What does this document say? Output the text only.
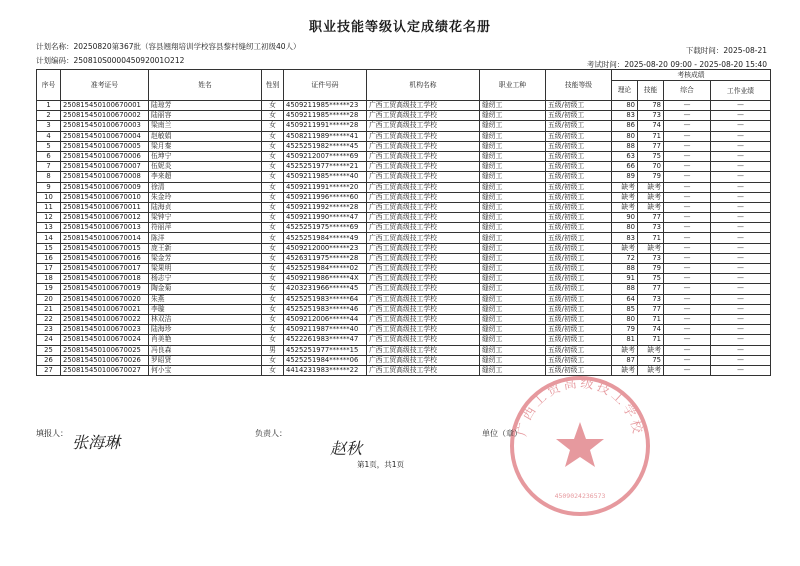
职业技能等级认定成绩花名册
计划名称：20250820第367批（容县翘翔培训学校容县黎村缝纫工初级40人）	下载时间：2025-08-21
计划编码：250810S000045092001O212	考试时间：2025-08-20 09:00 - 2025-08-20 15:40
序号	准考证号	姓名	性别	证件号码	机构名称	职业工种	技能等级	考核成绩			
								理论	技能	综合	工作业绩
1	250815450100670001	陆琼芳	女	4509211985******23	广西工贸高级技工学校	缝纫工	五级/初级工	80	78	—	—
2	250815450100670002	陆丽容	女	4509211985******28	广西工贸高级技工学校	缝纫工	五级/初级工	83	73	—	—
3	250815450100670003	梁南兰	女	4509211991******28	广西工贸高级技工学校	缝纫工	五级/初级工	86	74	—	—
4	250815450100670004	赵敏娟	女	4508211989******41	广西工贸高级技工学校	缝纫工	五级/初级工	80	71	—	—
5	250815450100670005	梁月秦	女	4525251982******45	广西工贸高级技工学校	缝纫工	五级/初级工	88	77	—	—
6	250815450100670006	伍坤宁	女	4509212007******69	广西工贸高级技工学校	缝纫工	五级/初级工	63	75	—	—
7	250815450100670007	伍妮炎	女	4525251977******21	广西工贸高级技工学校	缝纫工	五级/初级工	66	70	—	—
8	250815450100670008	李来超	女	4509211985******40	广西工贸高级技工学校	缝纫工	五级/初级工	89	79	—	—
9	250815450100670009	徐清	女	4509211991******20	广西工贸高级技工学校	缝纫工	五级/初级工	缺考	缺考	—	—
10	250815450100670010	朱金玲	女	4509211996******60	广西工贸高级技工学校	缝纫工	五级/初级工	缺考	缺考	—	—
11	250815450100670011	陆海贞	女	4509211992******28	广西工贸高级技工学校	缝纫工	五级/初级工	缺考	缺考	—	—
12	250815450100670012	梁钟宁	女	4509211990******47	广西工贸高级技工学校	缝纫工	五级/初级工	90	77	—	—
13	250815450100670013	符丽萍	女	4525251975******69	广西工贸高级技工学校	缝纫工	五级/初级工	80	73	—	—
14	250815450100670014	陈洋	女	4525251984******49	广西工贸高级技工学校	缝纫工	五级/初级工	83	71	—	—
15	250815450100670015	庞王新	女	4509212000******23	广西工贸高级技工学校	缝纫工	五级/初级工	缺考	缺考	—	—
16	250815450100670016	梁金芳	女	4526311975******28	广西工贸高级技工学校	缝纫工	五级/初级工	72	73	—	—
17	250815450100670017	梁果明	女	4525251984******02	广西工贸高级技工学校	缝纫工	五级/初级工	88	79	—	—
18	250815450100670018	杨志宁	女	4509211986******4X	广西工贸高级技工学校	缝纫工	五级/初级工	91	75	—	—
19	250815450100670019	陶金菊	女	4203231966******45	广西工贸高级技工学校	缝纫工	五级/初级工	88	77	—	—
20	250815450100670020	朱燕	女	4525251983******64	广西工贸高级技工学校	缝纫工	五级/初级工	64	73	—	—
21	250815450100670021	李璇	女	4525251983******46	广西工贸高级技工学校	缝纫工	五级/初级工	85	77	—	—
22	250815450100670022	林双洁	女	4509212006******44	广西工贸高级技工学校	缝纫工	五级/初级工	80	71	—	—
23	250815450100670023	陆海珍	女	4509211987******40	广西工贸高级技工学校	缝纫工	五级/初级工	79	74	—	—
24	250815450100670024	肖美艳	女	4522261983******47	广西工贸高级技工学校	缝纫工	五级/初级工	81	71	—	—
25	250815450100670025	冯良森	男	4525251977******15	广西工贸高级技工学校	缝纫工	五级/初级工	缺考	缺考	—	—
26	250815450100670026	罗昭贤	女	4525251984******06	广西工贸高级技工学校	缝纫工	五级/初级工	87	75	—	—
27	250815450100670027	何小宝	女	4414231983******22	广西工贸高级技工学校	缝纫工	五级/初级工	缺考	缺考	—	—
广西工贸高级技工学校
4509024236573
填报人： 张海琳	负责人：
赵秋
第1页，共1页
单位（章）
